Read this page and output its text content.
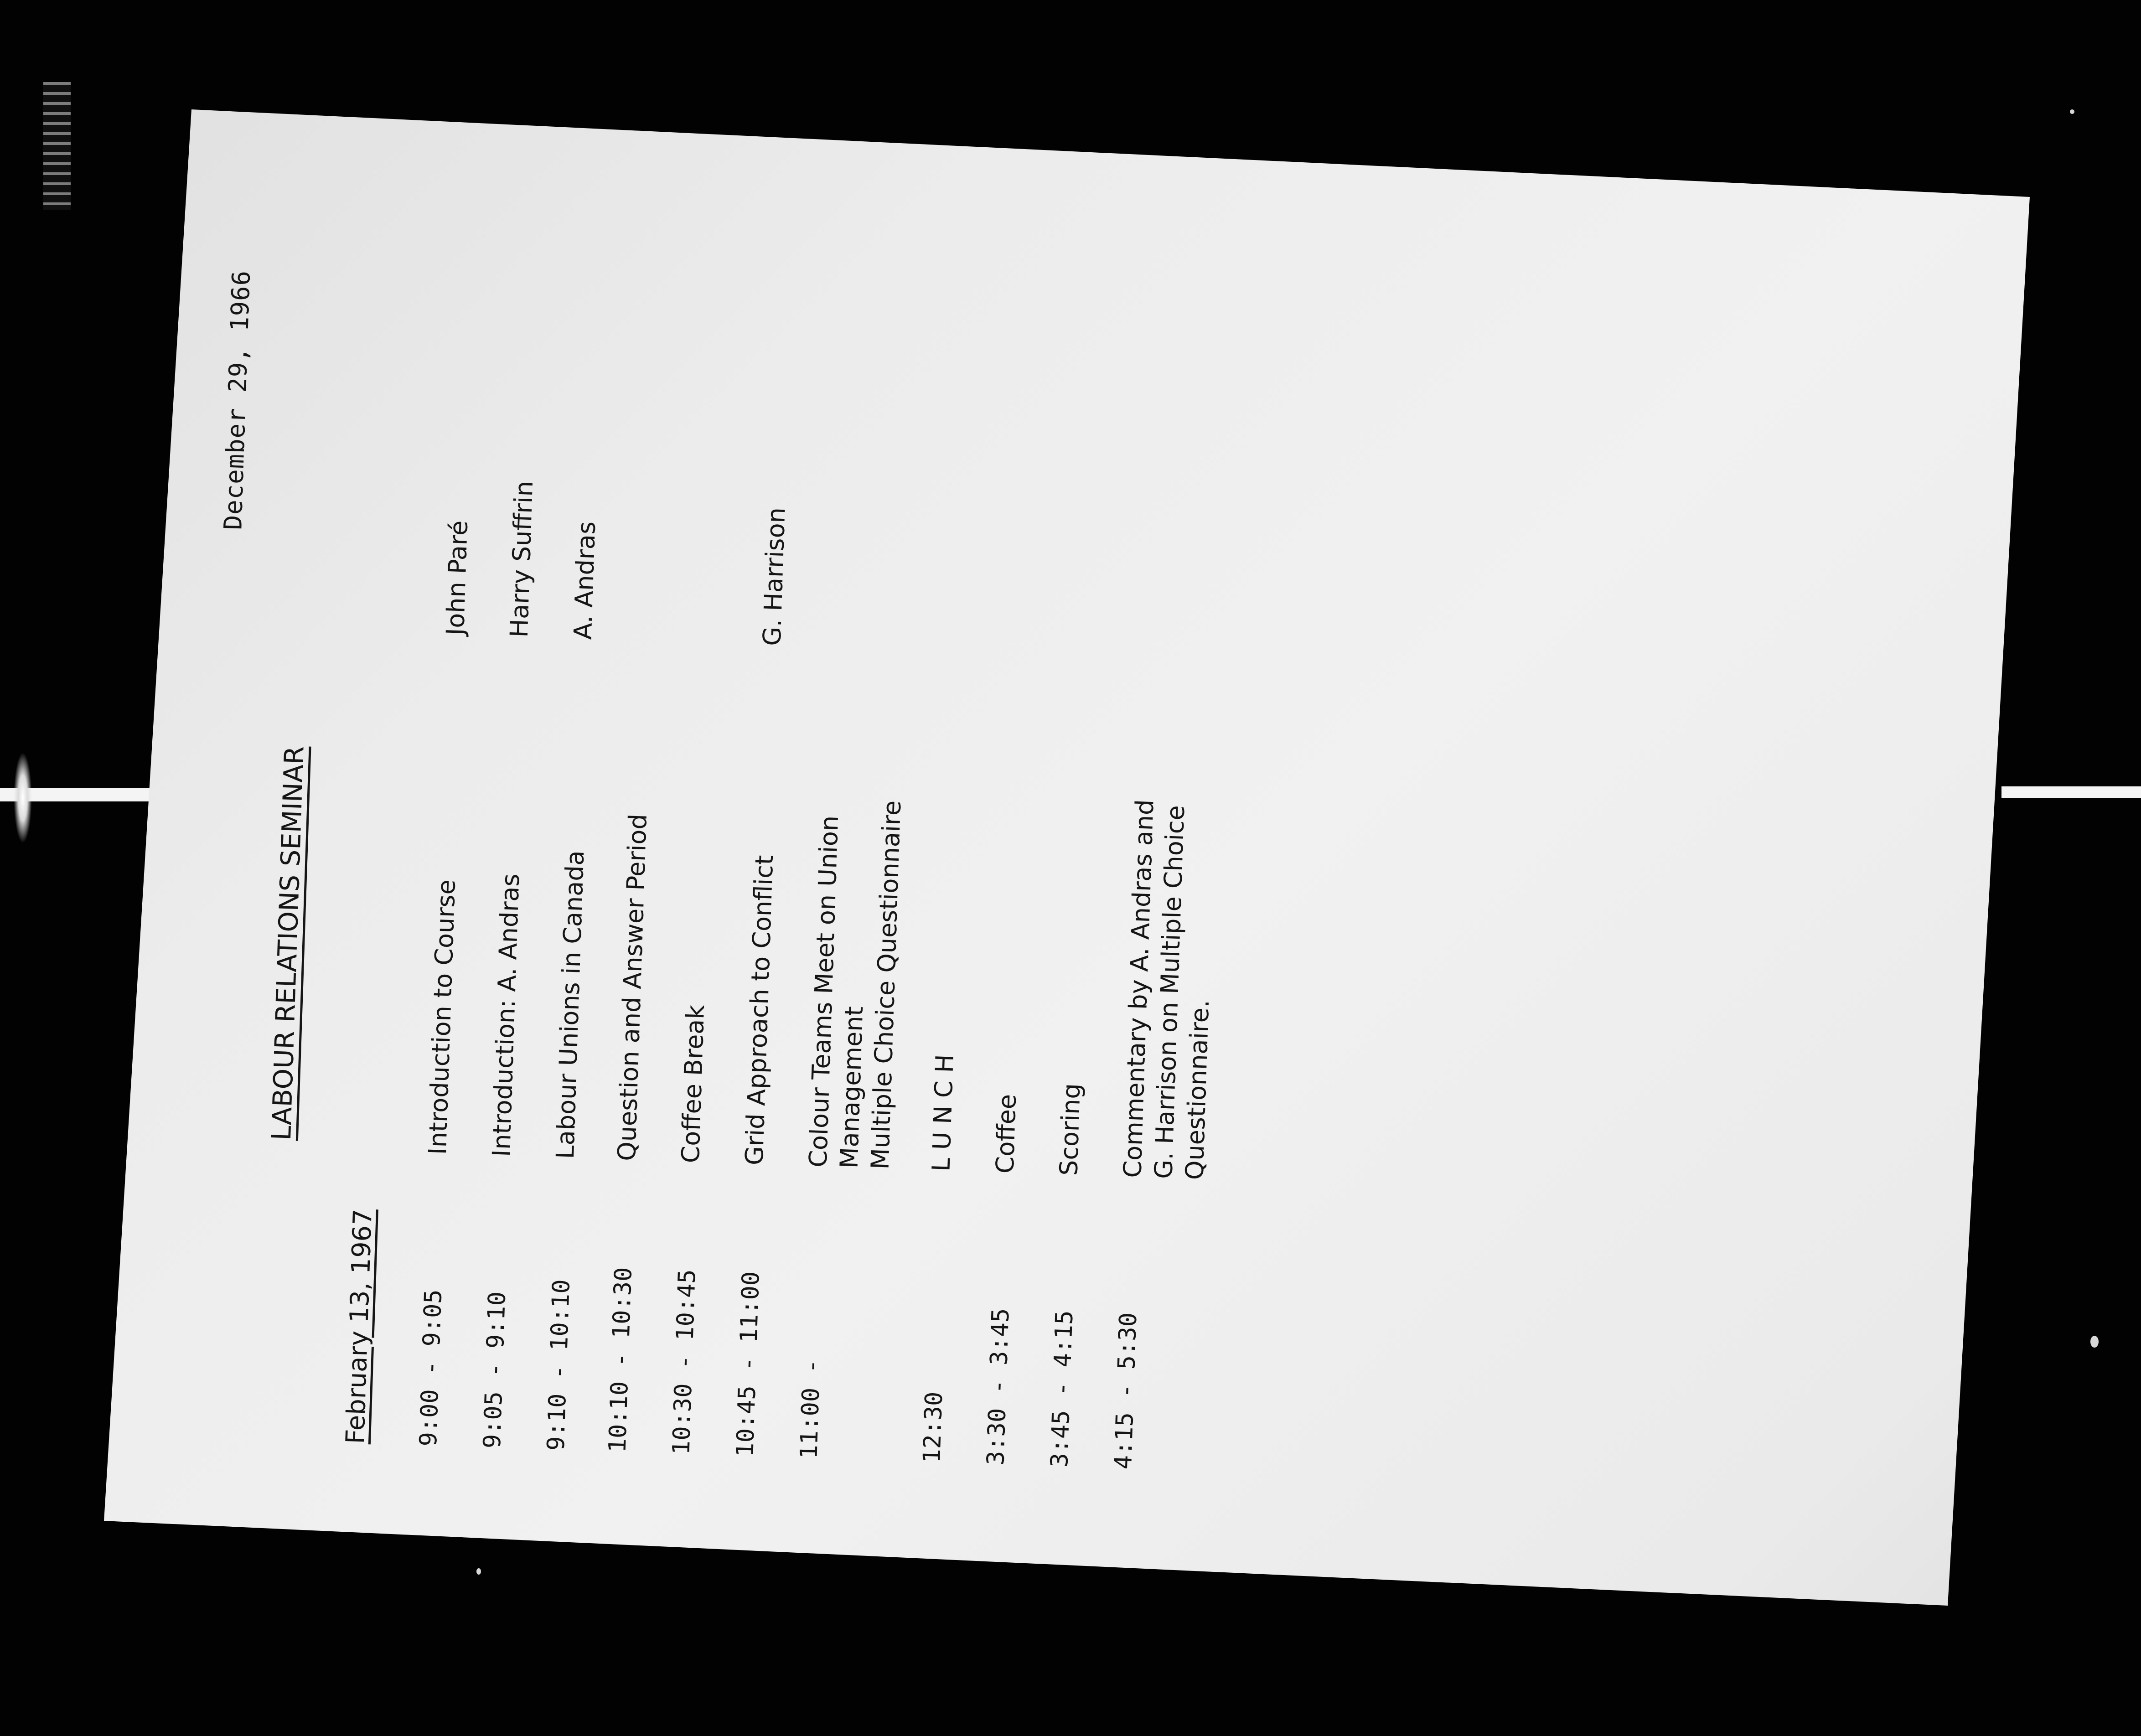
December 29, 1966
LABOUR RELATIONS SEMINAR
February 13, 1967 9:00 - 9:05
Introduction to Course
John Paré
9:05 - 9:10
Introduction: A. Andras
Harry Suffrin
9:10 - 10:10
Labour Unions in Canada
A. Andras
10:10 - 10:30
Question and Answer Period
10:30 - 10:45
Coffee Break
10:45 - 11:00
Grid Approach to Conflict
G. Harrison
11:00 -
Colour Teams Meet on Union
Management
Multiple Choice Questionnaire
12:30
L U N C H
3:30 - 3:45
Coffee
3:45 - 4:15
Scoring
4:15 - 5:30
Commentary by A. Andras and
G. Harrison on Multiple Choice
Questionnaire.
